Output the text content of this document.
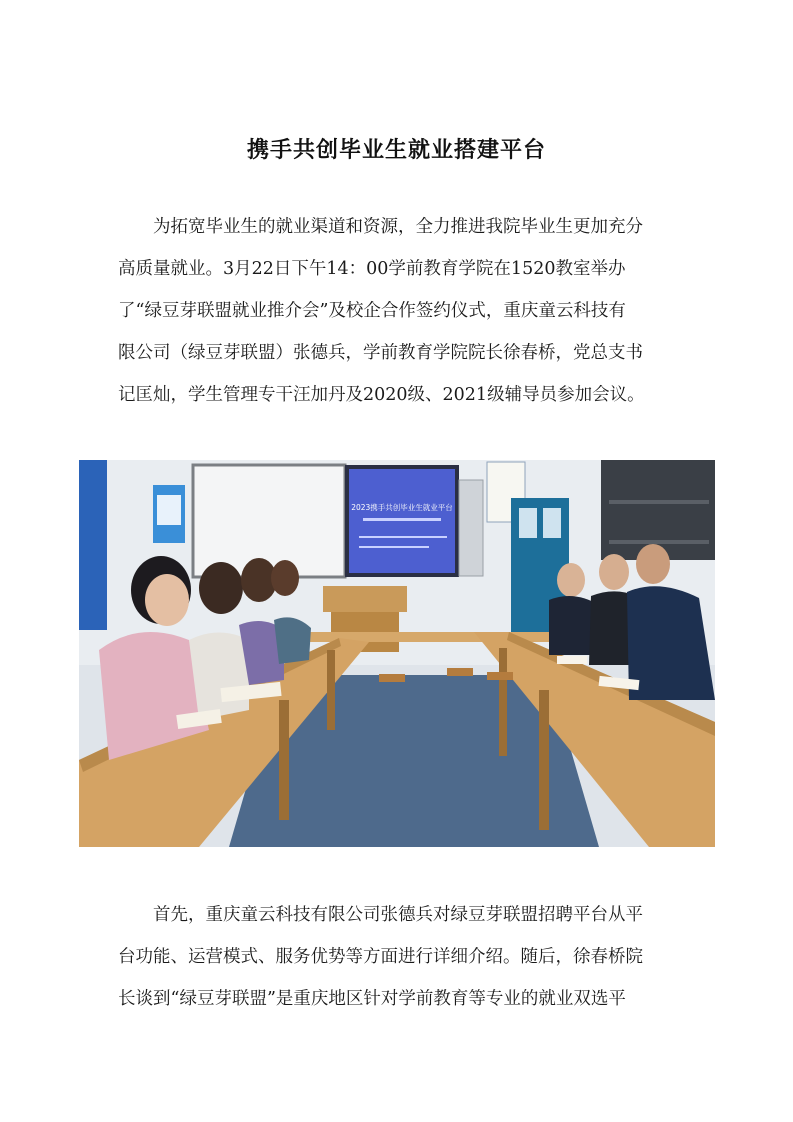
携手共创毕业生就业搭建平台

为拓宽毕业生的就业渠道和资源，全力推进我院毕业生更加充分
高质量就业。3月22日下午14：00学前教育学院在1520教室举办
了“绿豆芽联盟就业推介会”及校企合作签约仪式，重庆童云科技有
限公司（绿豆芽联盟）张德兵，学前教育学院院长徐春桥，党总支书
记匡灿，学生管理专干汪加丹及2020级、2021级辅导员参加会议。

2023携手共创毕业生就业平台

首先，重庆童云科技有限公司张德兵对绿豆芽联盟招聘平台从平
台功能、运营模式、服务优势等方面进行详细介绍。随后，徐春桥院
长谈到“绿豆芽联盟”是重庆地区针对学前教育等专业的就业双选平
